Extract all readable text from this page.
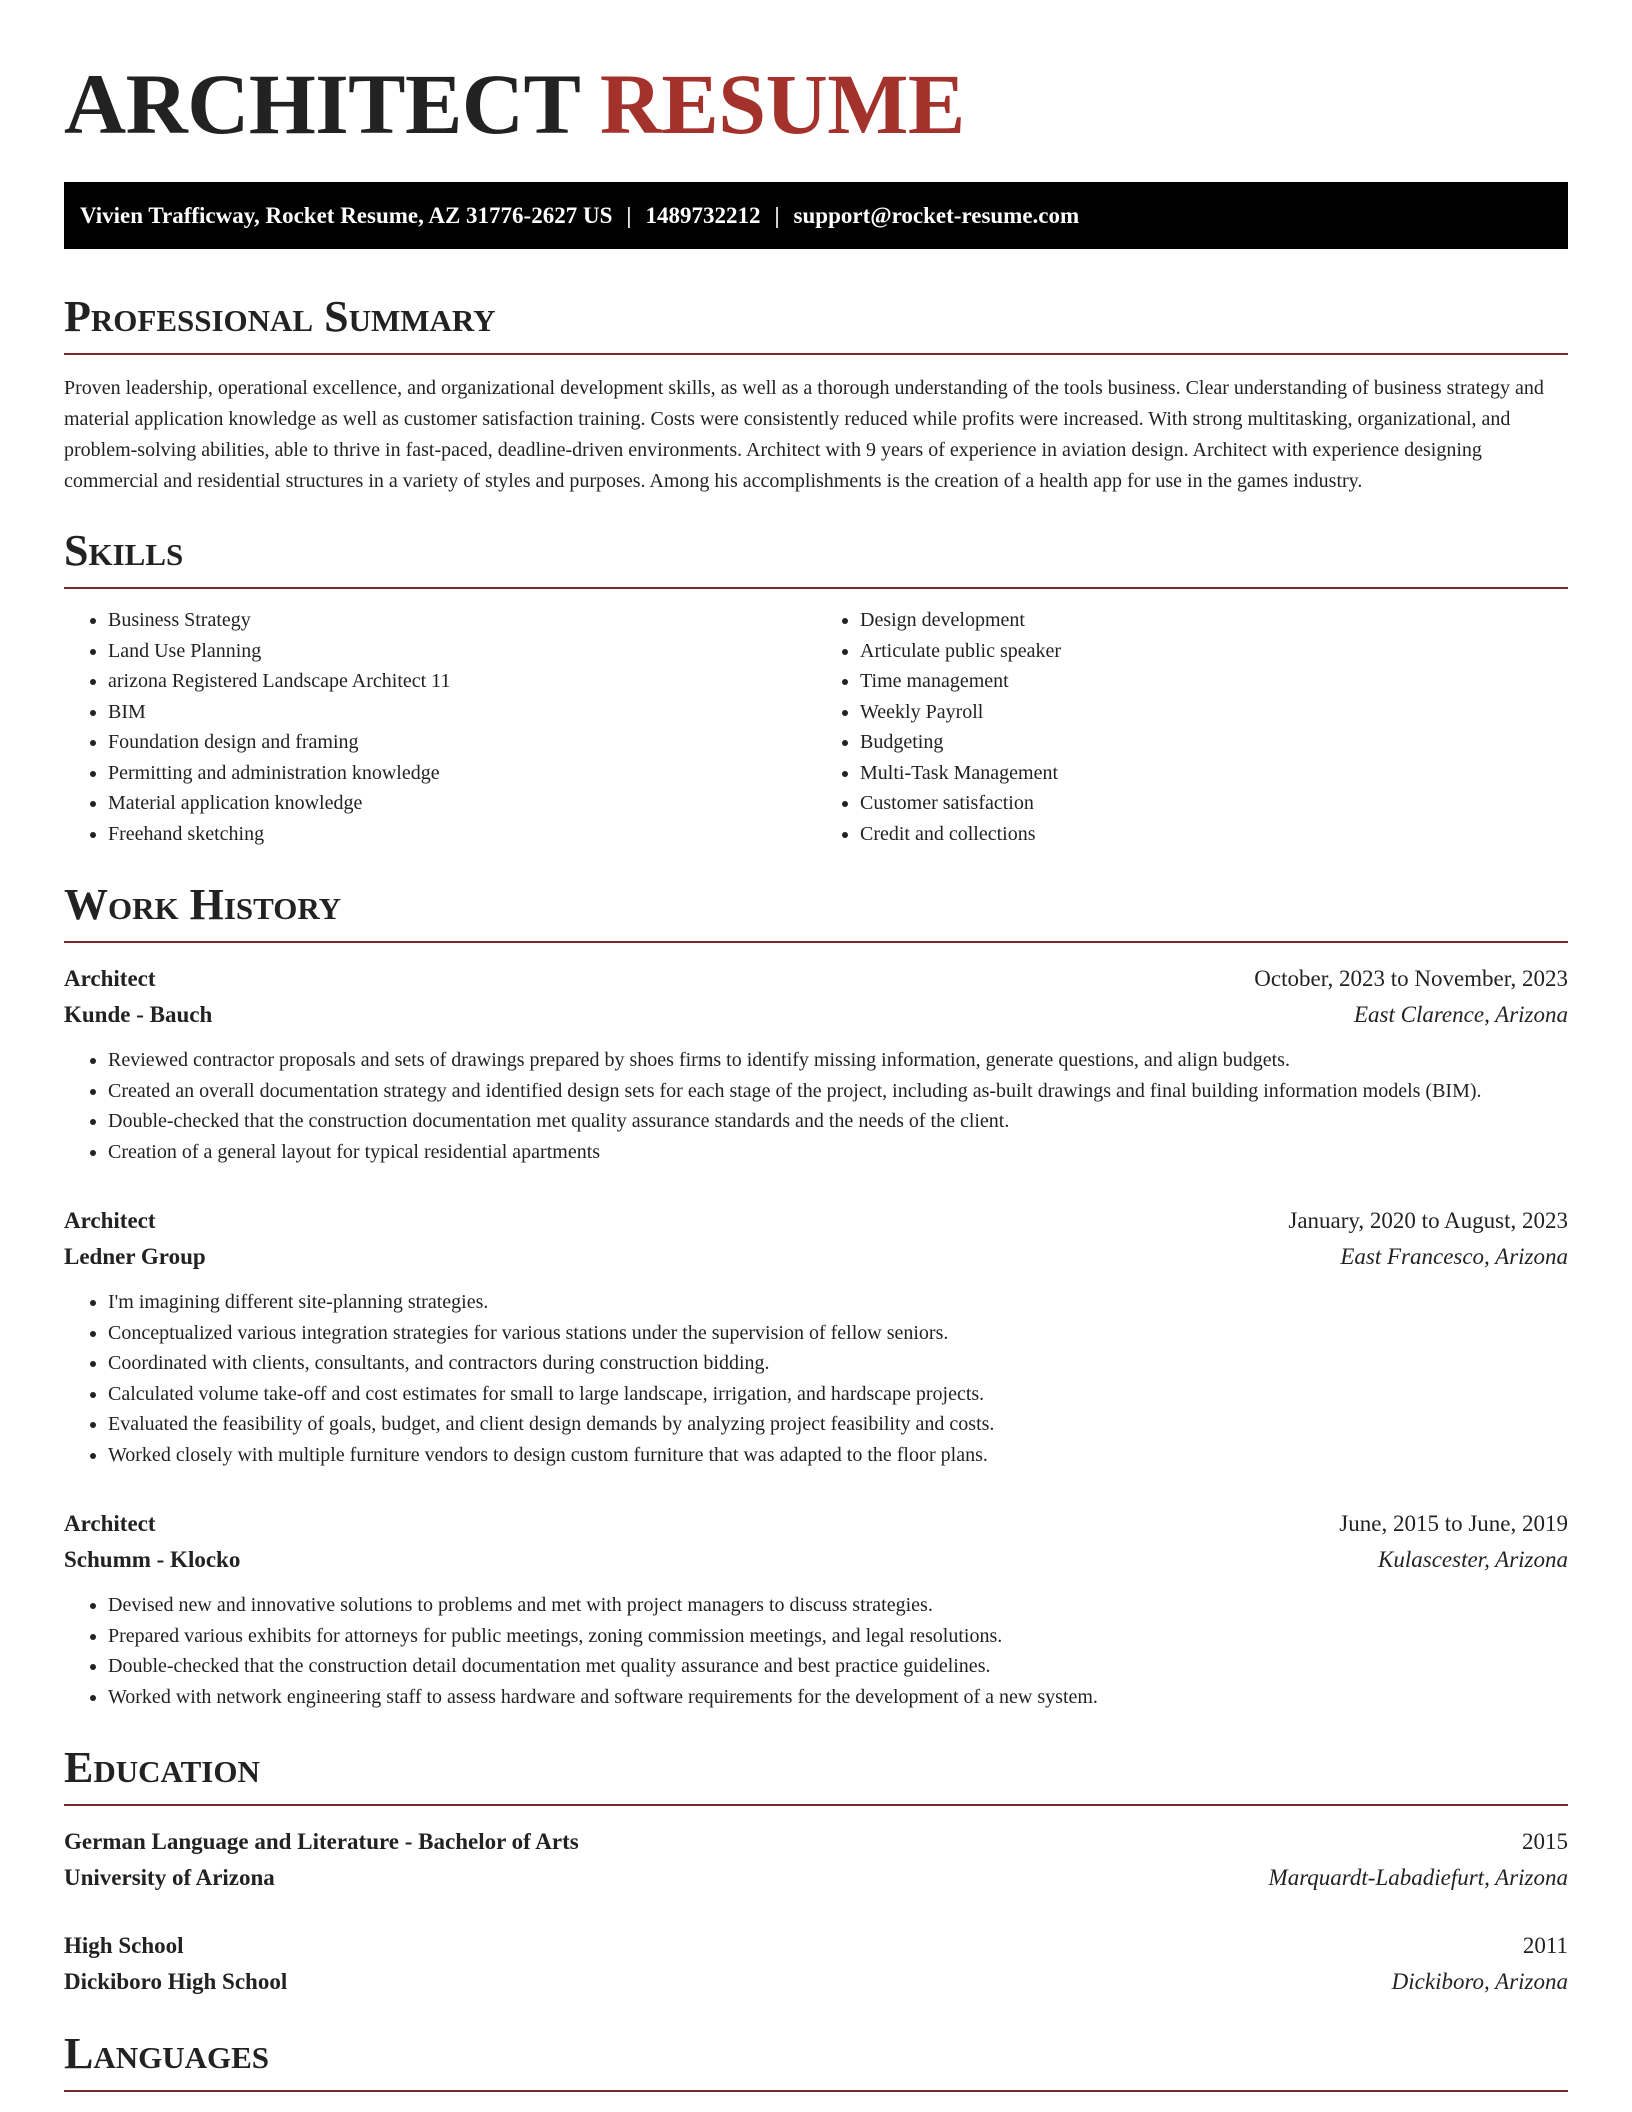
ARCHITECT RESUME
Vivien Trafficway, Rocket Resume, AZ 31776-2627 US | 1489732212 | support@rocket-resume.com
Professional Summary

Proven leadership, operational excellence, and organizational development skills, as well as a thorough understanding of the tools business. Clear understanding of business strategy and material application knowledge as well as customer satisfaction training. Costs were consistently reduced while profits were increased. With strong multitasking, organizational, and problem-solving abilities, able to thrive in fast-paced, deadline-driven environments. Architect with 9 years of experience in aviation design. Architect with experience designing commercial and residential structures in a variety of styles and purposes. Among his accomplishments is the creation of a health app for use in the games industry.

Skills
• Business Strategy
• Land Use Planning
• arizona Registered Landscape Architect 11
• BIM
• Foundation design and framing
• Permitting and administration knowledge
• Material application knowledge
• Freehand sketching
• Design development
• Articulate public speaker
• Time management
• Weekly Payroll
• Budgeting
• Multi-Task Management
• Customer satisfaction
• Credit and collections
Work History
Architect	October, 2023 to November, 2023
Kunde - Bauch	East Clarence, Arizona
• Reviewed contractor proposals and sets of drawings prepared by shoes firms to identify missing information, generate questions, and align budgets.
• Created an overall documentation strategy and identified design sets for each stage of the project, including as-built drawings and final building information models (BIM).
• Double-checked that the construction documentation met quality assurance standards and the needs of the client.
• Creation of a general layout for typical residential apartments
Architect	January, 2020 to August, 2023
Ledner Group	East Francesco, Arizona
• I'm imagining different site-planning strategies.
• Conceptualized various integration strategies for various stations under the supervision of fellow seniors.
• Coordinated with clients, consultants, and contractors during construction bidding.
• Calculated volume take-off and cost estimates for small to large landscape, irrigation, and hardscape projects.
• Evaluated the feasibility of goals, budget, and client design demands by analyzing project feasibility and costs.
• Worked closely with multiple furniture vendors to design custom furniture that was adapted to the floor plans.
Architect	June, 2015 to June, 2019
Schumm - Klocko	Kulascester, Arizona
• Devised new and innovative solutions to problems and met with project managers to discuss strategies.
• Prepared various exhibits for attorneys for public meetings, zoning commission meetings, and legal resolutions.
• Double-checked that the construction detail documentation met quality assurance and best practice guidelines.
• Worked with network engineering staff to assess hardware and software requirements for the development of a new system.
Education
German Language and Literature - Bachelor of Arts	2015
University of Arizona	Marquardt-Labadiefurt, Arizona
High School	2011
Dickiboro High School	Dickiboro, Arizona
Languages
